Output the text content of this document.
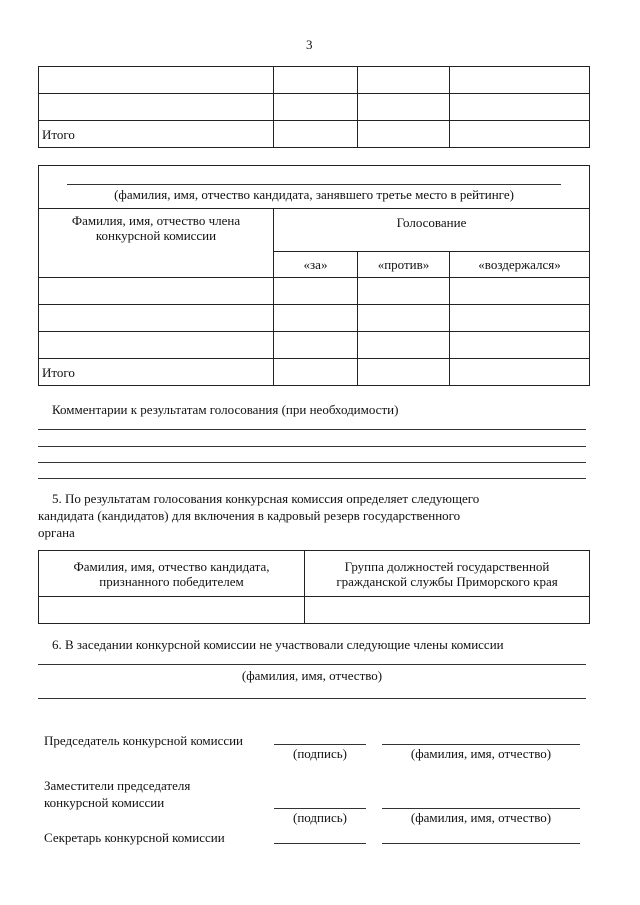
3

Итого			
(фамилия, имя, отчество кандидата, занявшего третье место в рейтинге)			

Фамилия, имя, отчество члена конкурсной комиссии	Голосование		
	«за»	«против»	«воздержался»

Итого			
Комментарии к результатам голосования (при необходимости)
5. По результатам голосования конкурсная комиссия определяет следующего
кандидата (кандидатов) для включения в кадровый резерв государственного
органа
Фамилия, имя, отчество кандидата, признанного победителем	Группа должностей государственной гражданской службы Приморского края

6. В заседании конкурсной комиссии не участвовали следующие члены комиссии
(фамилия, имя, отчество)
Председатель конкурсной комиссии
(подпись)	(фамилия, имя, отчество)
Заместители председателя
конкурсной комиссии
(подпись)	(фамилия, имя, отчество)
Секретарь конкурсной комиссии
